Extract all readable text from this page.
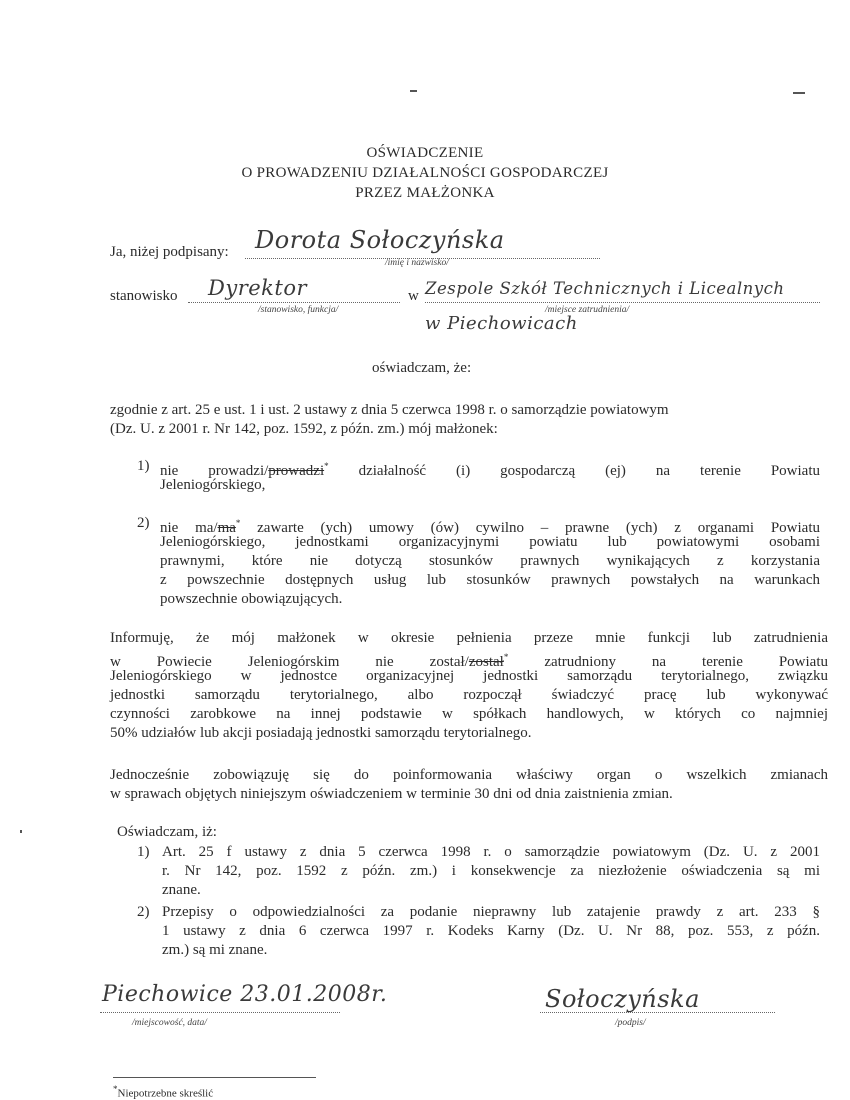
OŚWIADCZENIE
O PROWADZENIU DZIAŁALNOŚCI GOSPODARCZEJ
PRZEZ MAŁŻONKA
Ja, niżej podpisany: Dorota Sołoczyńska
/imię i nazwisko/
stanowisko Dyrektor
/stanowisko, funkcja/
w Zespole Szkół Technicznych i Licealnych
/miejsce zatrudnienia/
w Piechowicach
oświadczam, że:
zgodnie z art. 25 e ust. 1 i ust. 2 ustawy z dnia 5 czerwca 1998 r. o samorządzie powiatowym
(Dz. U. z 2001 r. Nr 142, poz. 1592, z późn. zm.) mój małżonek:
1) nie prowadzi/prowadzi* działalność (i) gospodarczą (ej) na terenie Powiatu
Jeleniogórskiego,
2) nie ma/ma* zawarte (ych) umowy (ów) cywilno – prawne (ych) z organami Powiatu
Jeleniogórskiego, jednostkami organizacyjnymi powiatu lub powiatowymi osobami
prawnymi, które nie dotyczą stosunków prawnych wynikających z korzystania
z powszechnie dostępnych usług lub stosunków prawnych powstałych na warunkach
powszechnie obowiązujących.
Informuję, że mój małżonek w okresie pełnienia przeze mnie funkcji lub zatrudnienia
w Powiecie Jeleniogórskim nie został/został* zatrudniony na terenie Powiatu
Jeleniogórskiego w jednostce organizacyjnej jednostki samorządu terytorialnego, związku
jednostki samorządu terytorialnego, albo rozpoczął świadczyć pracę lub wykonywać
czynności zarobkowe na innej podstawie w spółkach handlowych, w których co najmniej
50% udziałów lub akcji posiadają jednostki samorządu terytorialnego.
Jednocześnie zobowiązuję się do poinformowania właściwy organ o wszelkich zmianach
w sprawach objętych niniejszym oświadczeniem w terminie 30 dni od dnia zaistnienia zmian.
Oświadczam, iż:
1) Art. 25 f ustawy z dnia 5 czerwca 1998 r. o samorządzie powiatowym (Dz. U. z 2001
r. Nr 142, poz. 1592 z późn. zm.) i konsekwencje za niezłożenie oświadczenia są mi
znane.
2) Przepisy o odpowiedzialności za podanie nieprawny lub zatajenie prawdy z art. 233 §
1 ustawy z dnia 6 czerwca 1997 r. Kodeks Karny (Dz. U. Nr 88, poz. 553, z późn.
zm.) są mi znane.
Piechowice 23.01.2008r.
/miejscowość, data/
Sołoczyńska
/podpis/
*Niepotrzebne skreślić
